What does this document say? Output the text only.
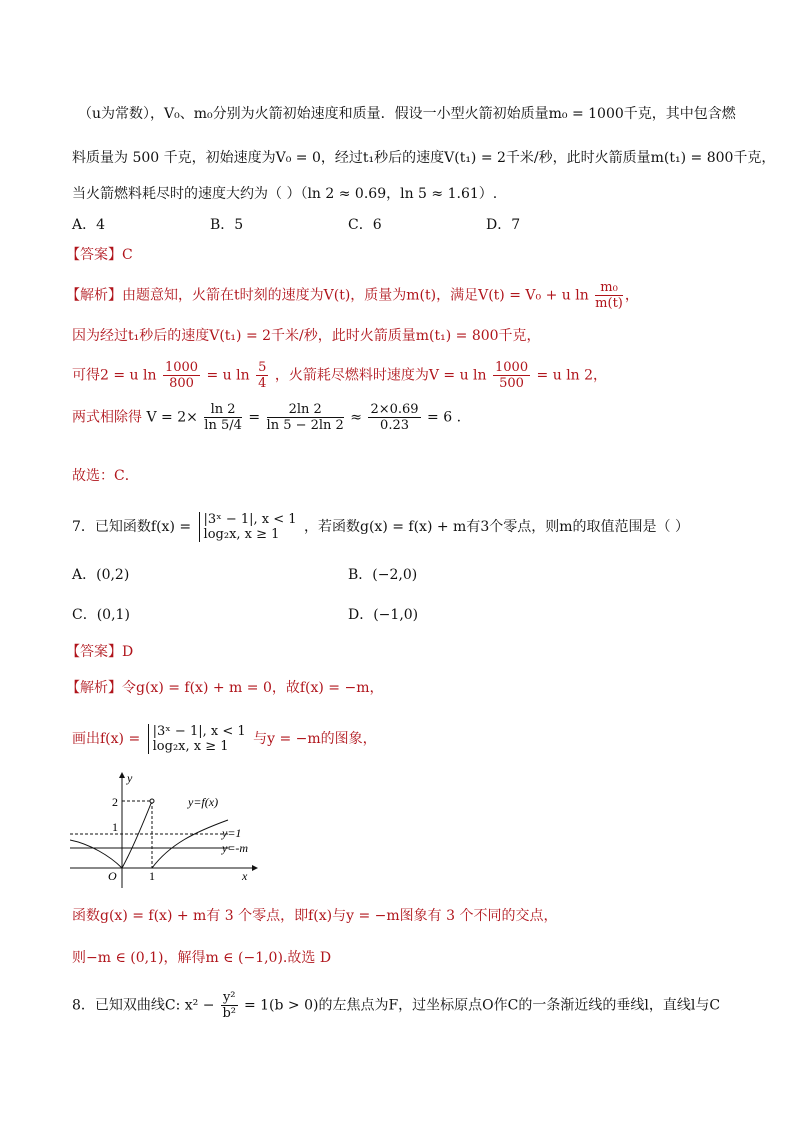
（u为常数），V₀、m₀分别为火箭初始速度和质量．假设一小型火箭初始质量m₀ = 1000千克，其中包含燃
料质量为 500 千克，初始速度为V₀ = 0，经过t₁秒后的速度V(t₁) = 2千米/秒，此时火箭质量m(t₁) = 800千克，
当火箭燃料耗尽时的速度大约为（ ）（ln 2 ≈ 0.69，ln 5 ≈ 1.61）.
A．4	B．5	C．6	D．7
【答案】C
【解析】由题意知，火箭在t时刻的速度为V(t)，质量为m(t)，满足V(t) = V₀ + u $\ln \frac{\text{m₀}}{m(t)}$ ，
因为经过t₁秒后的速度V(t₁) = 2千米/秒，此时火箭质量m(t₁) = 800千克，
可得2 = u $\ln \frac{1000}{800} = u$ $\ln \frac{5}{4}$ ，火箭耗尽燃料时速度为V = u $\ln \frac{1000}{500} = u$ ln 2，
两式相除得 $V = 2\times \frac{\ln 2}{\ln 5/4} = \frac{2\ln 2}{\ln 5 - 2\ln 2} \approx \frac{2\times 0.69}{0.23} = 6$ .
故选：C．
7．已知函数f(x) = |3ˣ − 1|, x < 1
log₂x, x ≥ 1	，若函数g(x) = f(x) + m有3个零点，则m的取值范围是（ ）
A．(0,2)	B．(−2,0)
C．(0,1)	D．(−1,0)
【答案】D
【解析】令g(x) = f(x) + m = 0，故f(x) = −m，
画出f(x) = |3ˣ − 1|, x < 1
log₂x, x ≥ 1	与y = −m的图象，
y
x
O
2
1
1
y=f(x)
y=1
y=-m
函数g(x) = f(x) + m有 3 个零点，即f(x)与y = −m图象有 3 个不同的交点，
则−m ∈ (0,1)，解得m ∈ (−1,0).故选 D
8．已知双曲线C: $x^2 - \frac{\text{y²}}{\text{b²}} = 1(b > 0)$的左焦点为F，过坐标原点O作C的一条渐近线的垂线l，直线l与C
